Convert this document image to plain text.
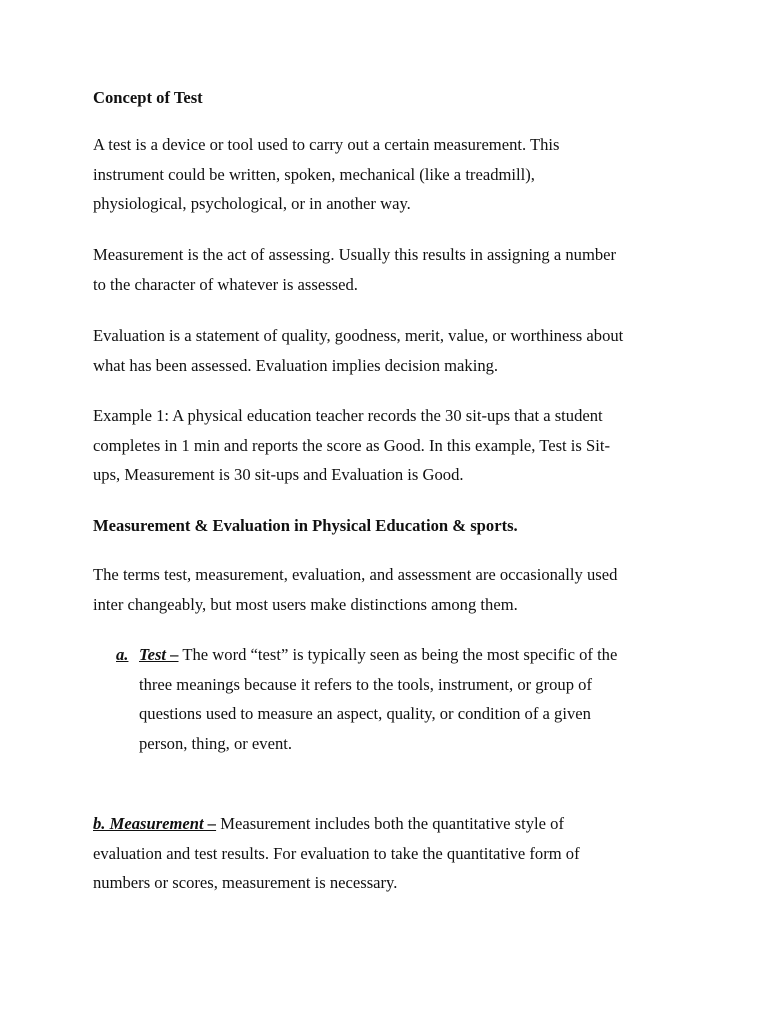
Concept of Test
A test is a device or tool used to carry out a certain measurement. This
instrument could be written, spoken, mechanical (like a treadmill),
physiological, psychological, or in another way.
Measurement is the act of assessing. Usually this results in assigning a number
to the character of whatever is assessed.
Evaluation is a statement of quality, goodness, merit, value, or worthiness about
what has been assessed. Evaluation implies decision making.
Example 1: A physical education teacher records the 30 sit-ups that a student
completes in 1 min and reports the score as Good. In this example, Test is Sit-
ups, Measurement is 30 sit-ups and Evaluation is Good.
Measurement & Evaluation in Physical Education & sports.
The terms test, measurement, evaluation, and assessment are occasionally used
inter changeably, but most users make distinctions among them.
a. Test – The word “test” is typically seen as being the most specific of the
three meanings because it refers to the tools, instrument, or group of
questions used to measure an aspect, quality, or condition of a given
person, thing, or event.
b. Measurement – Measurement includes both the quantitative style of
evaluation and test results. For evaluation to take the quantitative form of
numbers or scores, measurement is necessary.
